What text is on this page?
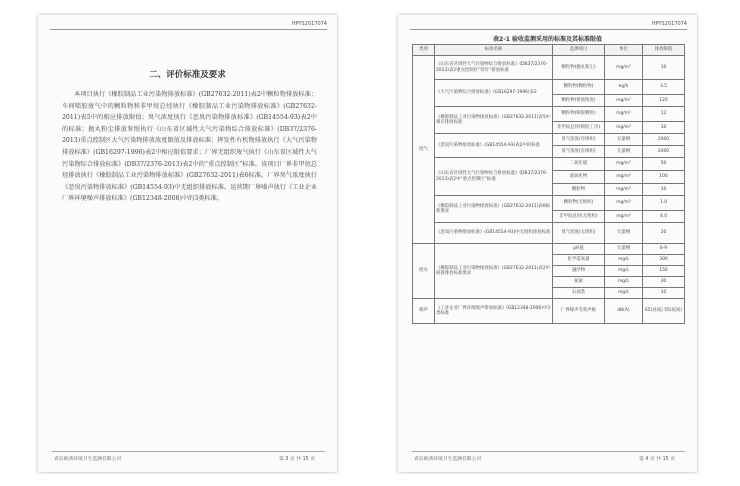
HPYS2017074
二、评价标准及要求

本项目执行《橡胶制品工业污染物排放标准》(GB27632-2011)表2中颗粒物排放标准；车间喷胶废气中的颗粒物和非甲烷总烃执行《橡胶制品工业污染物排放标准》(GB27632-2011)表5中的相应排放限值；臭气浓度执行《恶臭污染物排放标准》(GB14554-93)表2中的标准；抛丸粉尘排放参照执行《山东省区域性大气污染物综合排放标准》(DB37/2376-2013)重点控制区大气污染物排放浓度限值及排放标准；挥发性有机物排放执行《大气污染物排放标准》(GB16297-1996)表2中相应限值要求；厂界无组织废气执行《山东省区域性大气污染物综合排放标准》(DB37/2376-2013)表2中的“重点控制区”标准。该项目厂界非甲烷总烃排放执行《橡胶制品工业污染物排放标准》(GB27632-2011)表6标准。厂界臭气浓度执行《恶臭污染物排放标准》(GB14554-93)中无组织排放标准。运营期厂界噪声执行《工业企业厂界环境噪声排放标准》(GB12348-2008)中的3类标准。

青岛欧鸿环境卫生监测有限公司	第 3 页 共 15 页
HPYS2017074
表2-1 验收监测采用的标准及其标准限值
类别	标准名称	监测项目	单位	排放限值
废气	《山东省区域性大气污染物综合排放标准》(DB37/2376-2013)表2重点控制区“特许”排放标准	颗粒物(抛丸粉尘)	mg/m³	10
	《大气污染物综合排放标准》(GB16297-1996)表2	颗粒物(颗粒物)	kg/h	3.5
		颗粒物(排放浓度)	mg/m³	120
	《橡胶制品工业污染物排放标准》(GB27632-2011)表5中相应排放标准	颗粒物(喷胶颗粒)	mg/m³	12
		非甲烷总烃(喷胶工序)	mg/m³	10
	《恶臭污染物排放标准》(GB14554-93)表2中的标准	臭气浓度(有组织)	无量纲	2000
		臭气浓度(有组织)	无量纲	2000
	《山东省区域性大气污染物综合排放标准》(DB37/2376-2013)表2中“重点控制区”标准	二氧化硫	mg/m³	50
		氮氧化物	mg/m³	100
		颗粒物	mg/m³	10
	《橡胶制品工业污染物排放标准》(GB27632-2011)表6标准要求	颗粒物(无组织)	mg/m³	1.0
		非甲烷总烃(无组织)	mg/m³	4.0
	《恶臭污染物排放标准》(GB14554-93)中无组织排放标准	臭气浓度(无组织)	无量纲	20
废水	《橡胶制品工业污染物排放标准》(GB27632-2011)表2中间接排放标准要求	pH值	无量纲	6-9
		化学需氧量	mg/L	300
		悬浮物	mg/L	150
		氨氮	mg/L	30
		石油类	mg/L	10
噪声	《工业企业厂界环境噪声排放标准》(GB12348-2008)中3类标准	厂界噪声等效声级	dB(A)	65(昼间) 55(夜间)
青岛欧鸿环境卫生监测有限公司	第 4 页 共 15 页
